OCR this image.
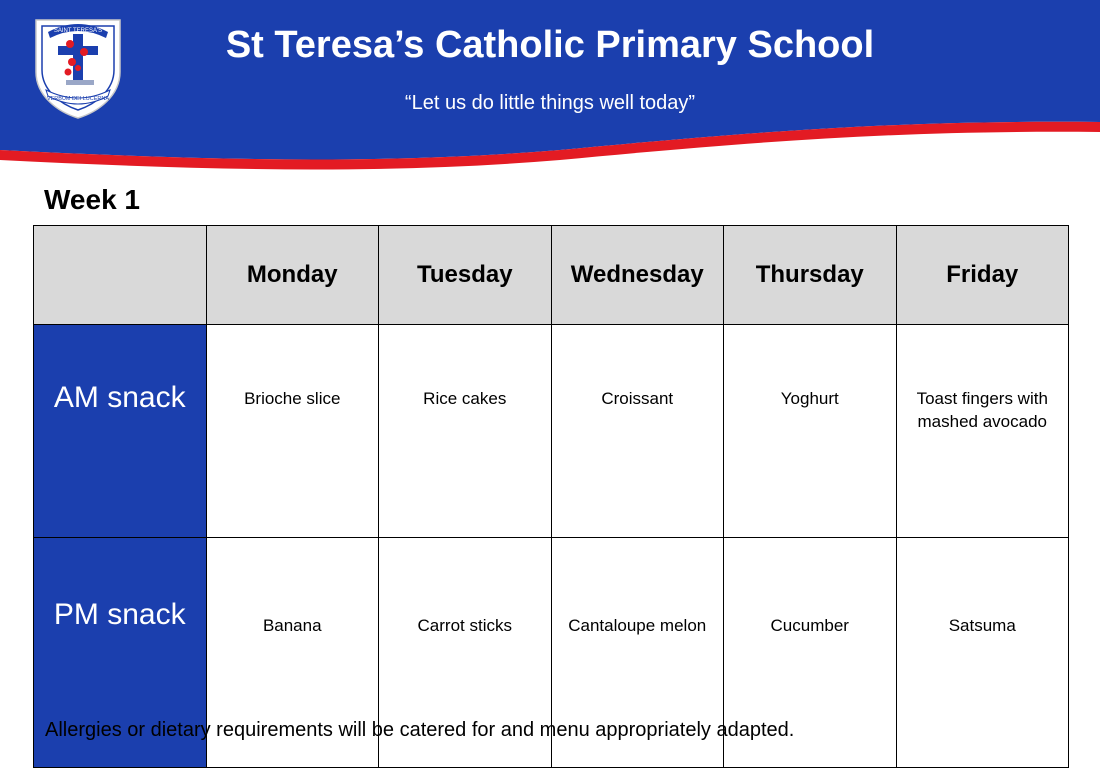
SAINT TERESA'S
VERBUM DEI LUCERNA
St Teresa’s Catholic Primary School
“Let us do little things well today”
Week 1
	Monday	Tuesday	Wednesday	Thursday	Friday
AM snack	Brioche slice	Rice cakes	Croissant	Yoghurt	Toast fingers with mashed avocado
PM snack	Banana	Carrot sticks	Cantaloupe melon	Cucumber	Satsuma
Allergies or dietary requirements will be catered for and menu appropriately adapted.
